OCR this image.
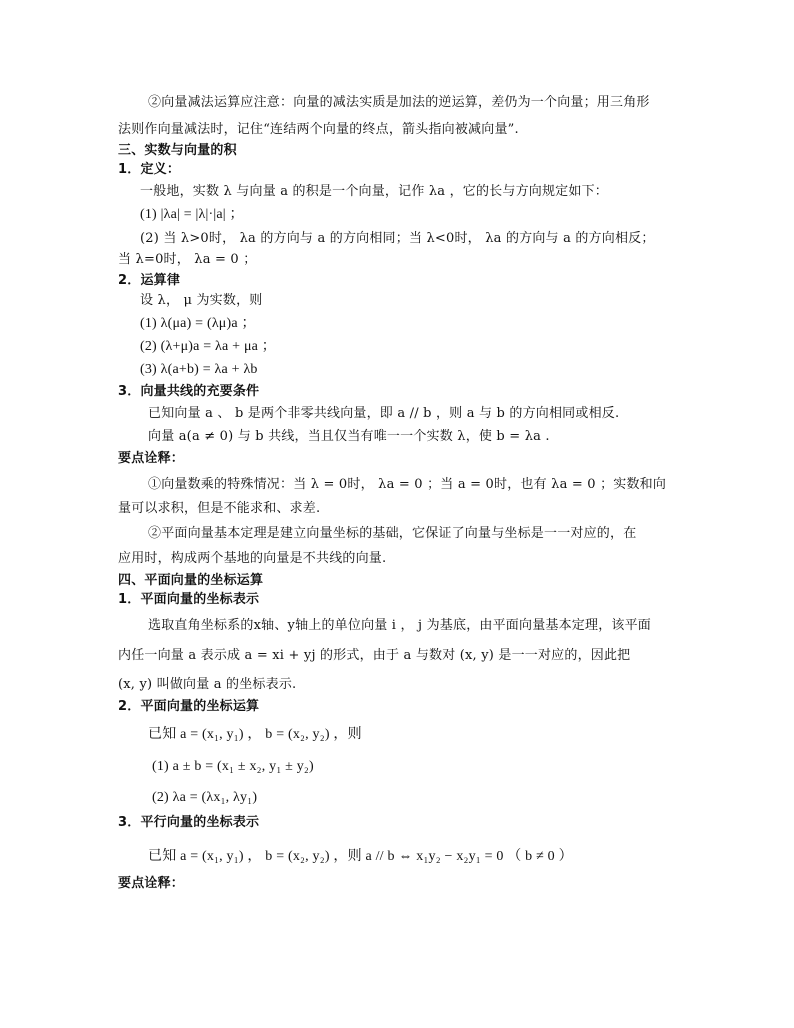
②向量减法运算应注意：向量的减法实质是加法的逆运算，差仍为一个向量；用三角形
法则作向量减法时，记住“连结两个向量的终点，箭头指向被减向量”.
三、实数与向量的积
1．定义：
一般地，实数 λ 与向量 a 的积是一个向量，记作 λa ，它的长与方向规定如下：
(1) |λa| = |λ|·|a| ；
(2) 当 λ>0时， λa 的方向与 a 的方向相同；当 λ<0时， λa 的方向与 a 的方向相反；
当 λ=0时， λa = 0 ；
2．运算律
设 λ， μ 为实数，则
(1) λ(μa) = (λμ)a ；
(2) (λ+μ)a = λa + μa ；
(3) λ(a+b) = λa + λb
3．向量共线的充要条件
已知向量 a 、 b 是两个非零共线向量，即 a // b ，则 a 与 b 的方向相同或相反.
向量 a(a ≠ 0) 与 b 共线，当且仅当有唯一一个实数 λ，使 b = λa .
要点诠释：
①向量数乘的特殊情况：当 λ = 0时， λa = 0 ；当 a = 0时，也有 λa = 0 ；实数和向
量可以求积，但是不能求和、求差.
②平面向量基本定理是建立向量坐标的基础，它保证了向量与坐标是一一对应的，在
应用时，构成两个基地的向量是不共线的向量.
四、平面向量的坐标运算
1．平面向量的坐标表示
选取直角坐标系的x轴、y轴上的单位向量 i ， j 为基底，由平面向量基本定理，该平面
内任一向量 a 表示成 a = xi + yj 的形式，由于 a 与数对 (x, y) 是一一对应的，因此把
(x, y) 叫做向量 a 的坐标表示.
2．平面向量的坐标运算
已知 a = (x₁, y₁) ， b = (x₂, y₂) ，则
(1) a ± b = (x₁ ± x₂, y₁ ± y₂)
(2) λa = (λx₁, λy₁)
3．平行向量的坐标表示
已知 a = (x₁, y₁) ， b = (x₂, y₂) ，则 a // b ⇔ x₁y₂ − x₂y₁ = 0 （ b ≠ 0 ）
要点诠释：
